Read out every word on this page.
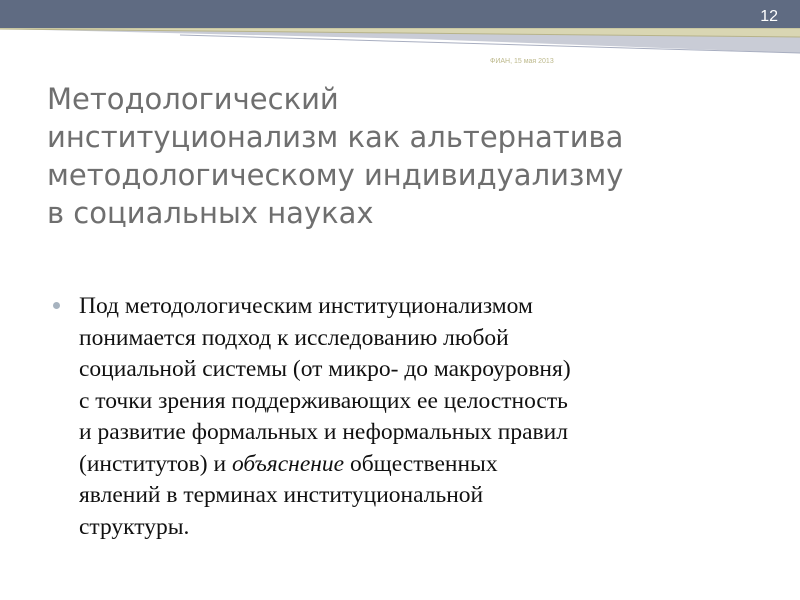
12
ФИАН, 15 мая 2013
Методологический
институционализм как альтернатива
методологическому индивидуализму
в социальных науках
Под методологическим институционализмом
понимается подход к исследованию любой
социальной системы (от микро- до макроуровня)
с точки зрения поддерживающих ее целостность
и развитие формальных и неформальных правил
(институтов) и объяснение общественных
явлений в терминах институциональной
структуры.
